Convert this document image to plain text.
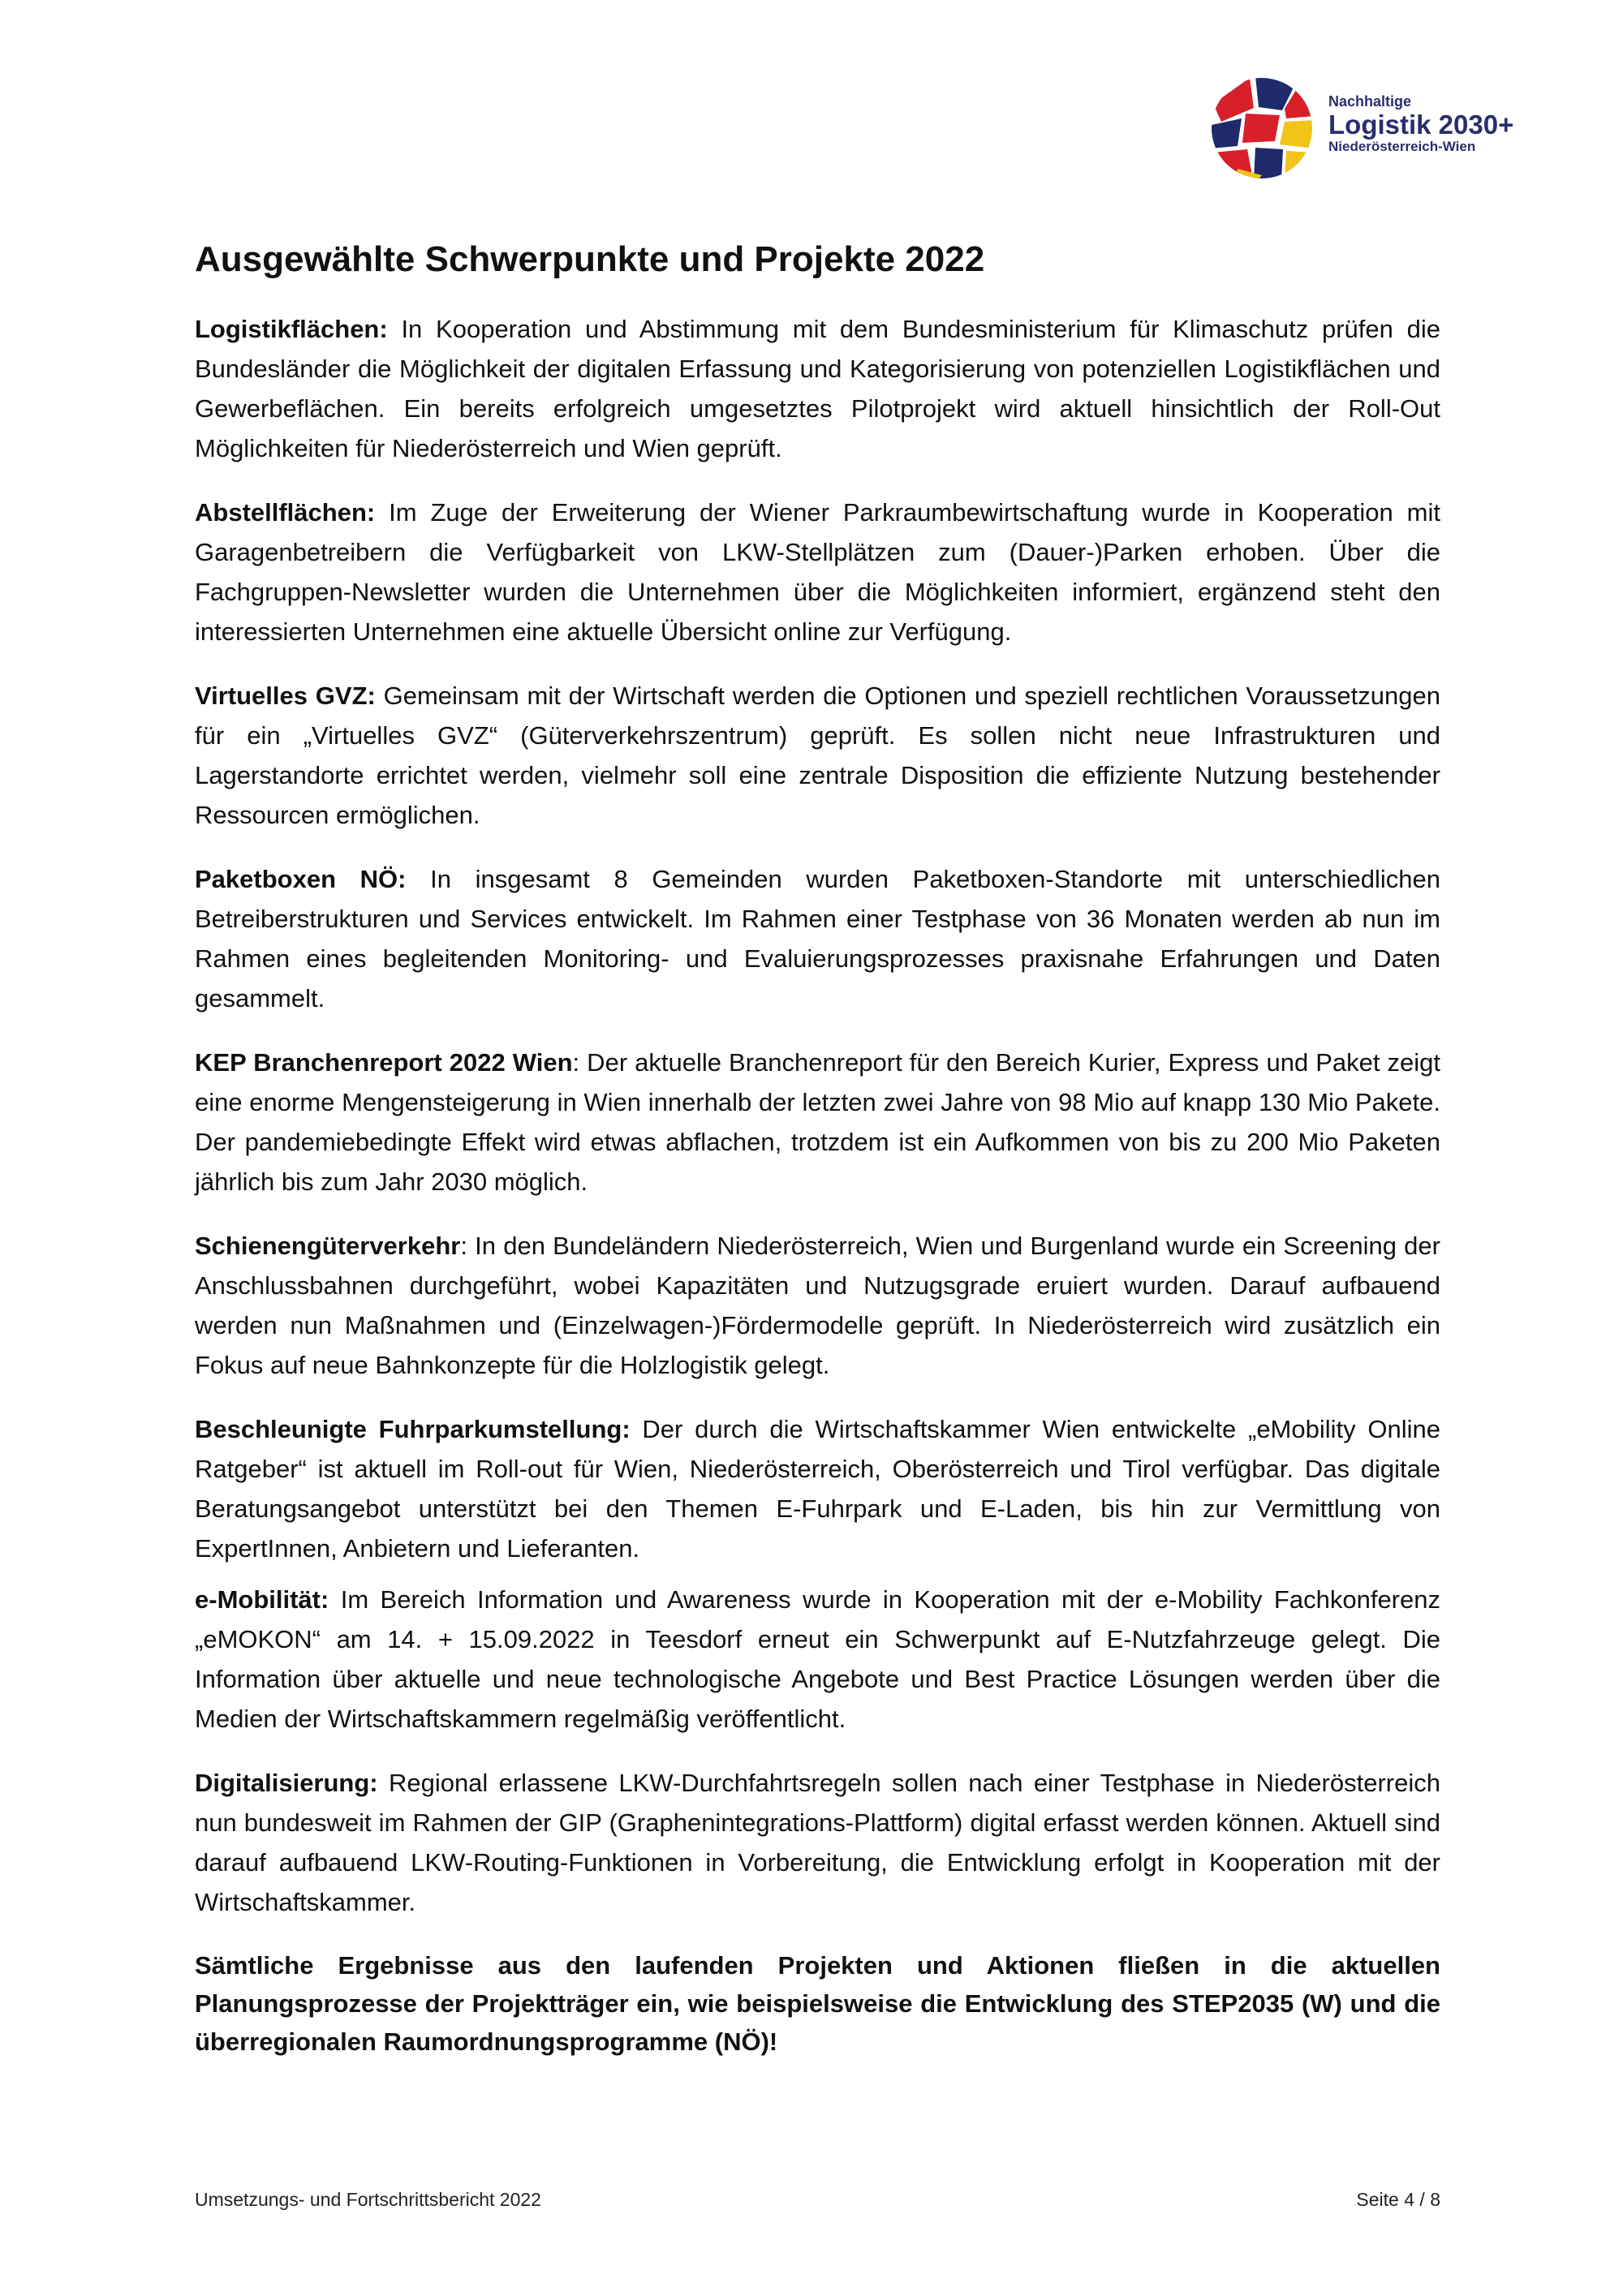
Nachhaltige
Logistik 2030+
Niederösterreich-Wien
Ausgewählte Schwerpunkte und Projekte 2022

Logistikflächen: In Kooperation und Abstimmung mit dem Bundesministerium für Klimaschutz prüfen die Bundesländer die Möglichkeit der digitalen Erfassung und Kategorisierung von potenziellen Logistikflächen und Gewerbeflächen. Ein bereits erfolgreich umgesetztes Pilotprojekt wird aktuell hinsichtlich der Roll-Out Möglichkeiten für Niederösterreich und Wien geprüft.

Abstellflächen: Im Zuge der Erweiterung der Wiener Parkraumbewirtschaftung wurde in Kooperation mit Garagenbetreibern die Verfügbarkeit von LKW-Stellplätzen zum (Dauer-)Parken erhoben. Über die Fachgruppen-Newsletter wurden die Unternehmen über die Möglichkeiten informiert, ergänzend steht den interessierten Unternehmen eine aktuelle Übersicht online zur Verfügung.

Virtuelles GVZ: Gemeinsam mit der Wirtschaft werden die Optionen und speziell rechtlichen Voraussetzungen für ein „Virtuelles GVZ“ (Güterverkehrszentrum) geprüft. Es sollen nicht neue Infrastrukturen und Lagerstandorte errichtet werden, vielmehr soll eine zentrale Disposition die effiziente Nutzung bestehender Ressourcen ermöglichen.

Paketboxen NÖ: In insgesamt 8 Gemeinden wurden Paketboxen-Standorte mit unterschiedlichen Betreiberstrukturen und Services entwickelt. Im Rahmen einer Testphase von 36 Monaten werden ab nun im Rahmen eines begleitenden Monitoring- und Evaluierungsprozesses praxisnahe Erfahrungen und Daten gesammelt.

KEP Branchenreport 2022 Wien: Der aktuelle Branchenreport für den Bereich Kurier, Express und Paket zeigt eine enorme Mengensteigerung in Wien innerhalb der letzten zwei Jahre von 98 Mio auf knapp 130 Mio Pakete. Der pandemiebedingte Effekt wird etwas abflachen, trotzdem ist ein Aufkommen von bis zu 200 Mio Paketen jährlich bis zum Jahr 2030 möglich.

Schienengüterverkehr: In den Bundeländern Niederösterreich, Wien und Burgenland wurde ein Screening der Anschlussbahnen durchgeführt, wobei Kapazitäten und Nutzugsgrade eruiert wurden. Darauf aufbauend werden nun Maßnahmen und (Einzelwagen-)Fördermodelle geprüft. In Niederösterreich wird zusätzlich ein Fokus auf neue Bahnkonzepte für die Holzlogistik gelegt.

Beschleunigte Fuhrparkumstellung: Der durch die Wirtschaftskammer Wien entwickelte „eMobility Online Ratgeber“ ist aktuell im Roll-out für Wien, Niederösterreich, Oberösterreich und Tirol verfügbar. Das digitale Beratungsangebot unterstützt bei den Themen E-Fuhrpark und E-Laden, bis hin zur Vermittlung von ExpertInnen, Anbietern und Lieferanten.

e-Mobilität: Im Bereich Information und Awareness wurde in Kooperation mit der e-Mobility Fachkonferenz „eMOKON“ am 14. + 15.09.2022 in Teesdorf erneut ein Schwerpunkt auf E-Nutzfahrzeuge gelegt. Die Information über aktuelle und neue technologische Angebote und Best Practice Lösungen werden über die Medien der Wirtschaftskammern regelmäßig veröffentlicht.

Digitalisierung: Regional erlassene LKW-Durchfahrtsregeln sollen nach einer Testphase in Niederösterreich nun bundesweit im Rahmen der GIP (Graphenintegrations-Plattform) digital erfasst werden können. Aktuell sind darauf aufbauend LKW-Routing-Funktionen in Vorbereitung, die Entwicklung erfolgt in Kooperation mit der Wirtschaftskammer.

Sämtliche Ergebnisse aus den laufenden Projekten und Aktionen fließen in die aktuellen Planungsprozesse der Projektträger ein, wie beispielsweise die Entwicklung des STEP2035 (W) und die überregionalen Raumordnungsprogramme (NÖ)!

Umsetzungs- und Fortschrittsbericht 2022	Seite 4 / 8
